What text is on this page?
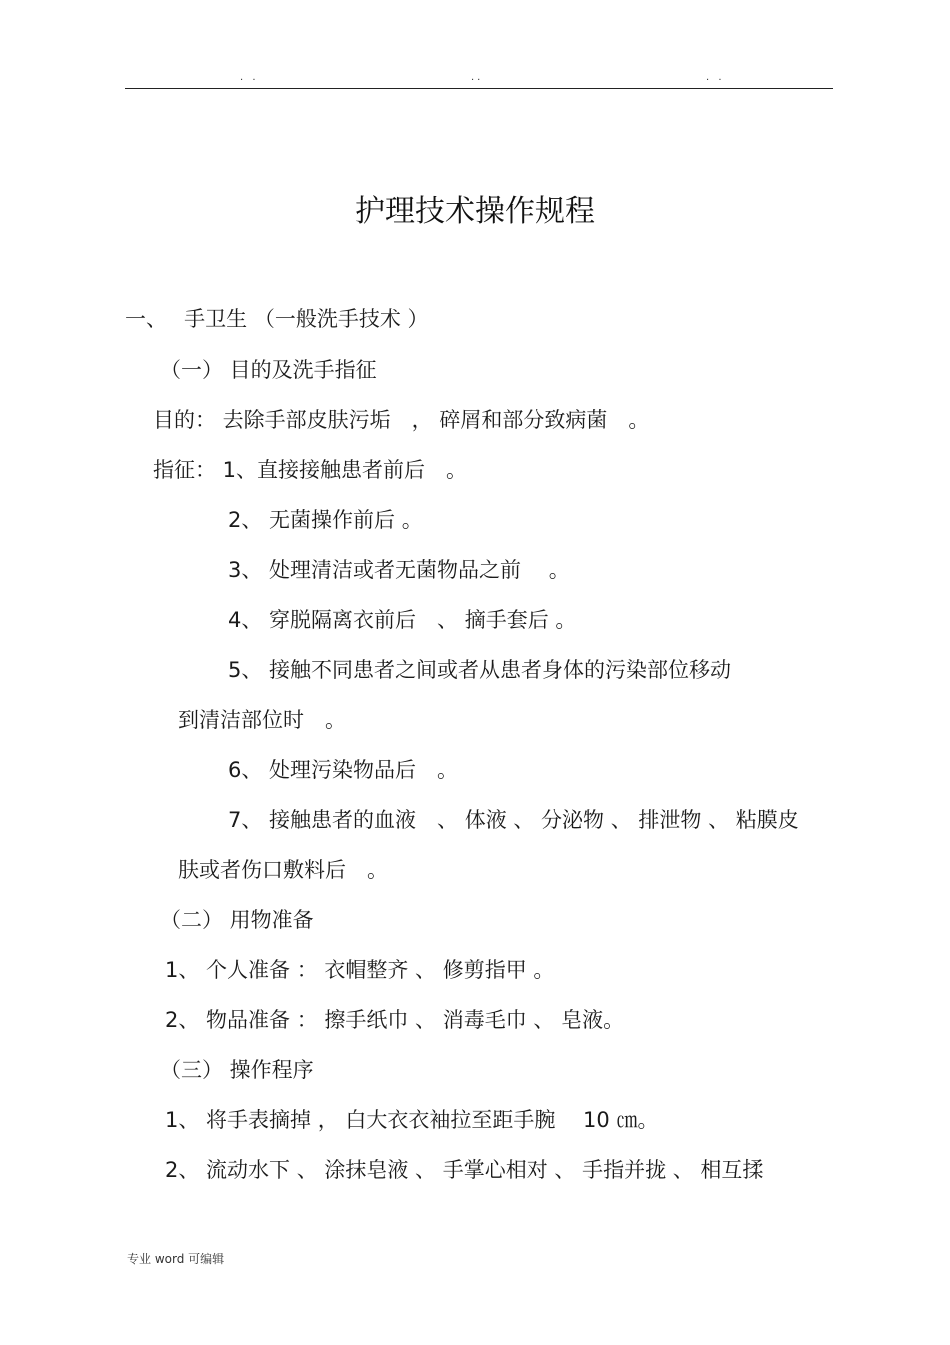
. .	..	. .
护理技术操作规程
一、　 手卫生 （一般洗手技术 ）
（一） 目的及洗手指征
目的： 去除手部皮肤污垢　， 碎屑和部分致病菌　。
指征： 1、直接接触患者前后　。
2、 无菌操作前后 。
3、 处理清洁或者无菌物品之前　 。
4、 穿脱隔离衣前后　、 摘手套后 。
5、 接触不同患者之间或者从患者身体的污染部位移动
到清洁部位时　。
6、 处理污染物品后　。
7、 接触患者的血液　、 体液 、 分泌物 、 排泄物 、 粘膜皮
肤或者伤口敷料后　。
（二） 用物准备
1、 个人准备 ： 衣帽整齐 、 修剪指甲 。
2、 物品准备 ： 擦手纸巾 、 消毒毛巾 、 皂液。
（三） 操作程序
1、 将手表摘掉 ， 白大衣衣袖拉至距手腕　 10 ㎝。
2、 流动水下 、 涂抹皂液 、 手掌心相对 、 手指并拢 、 相互揉
专业 word 可编辑
